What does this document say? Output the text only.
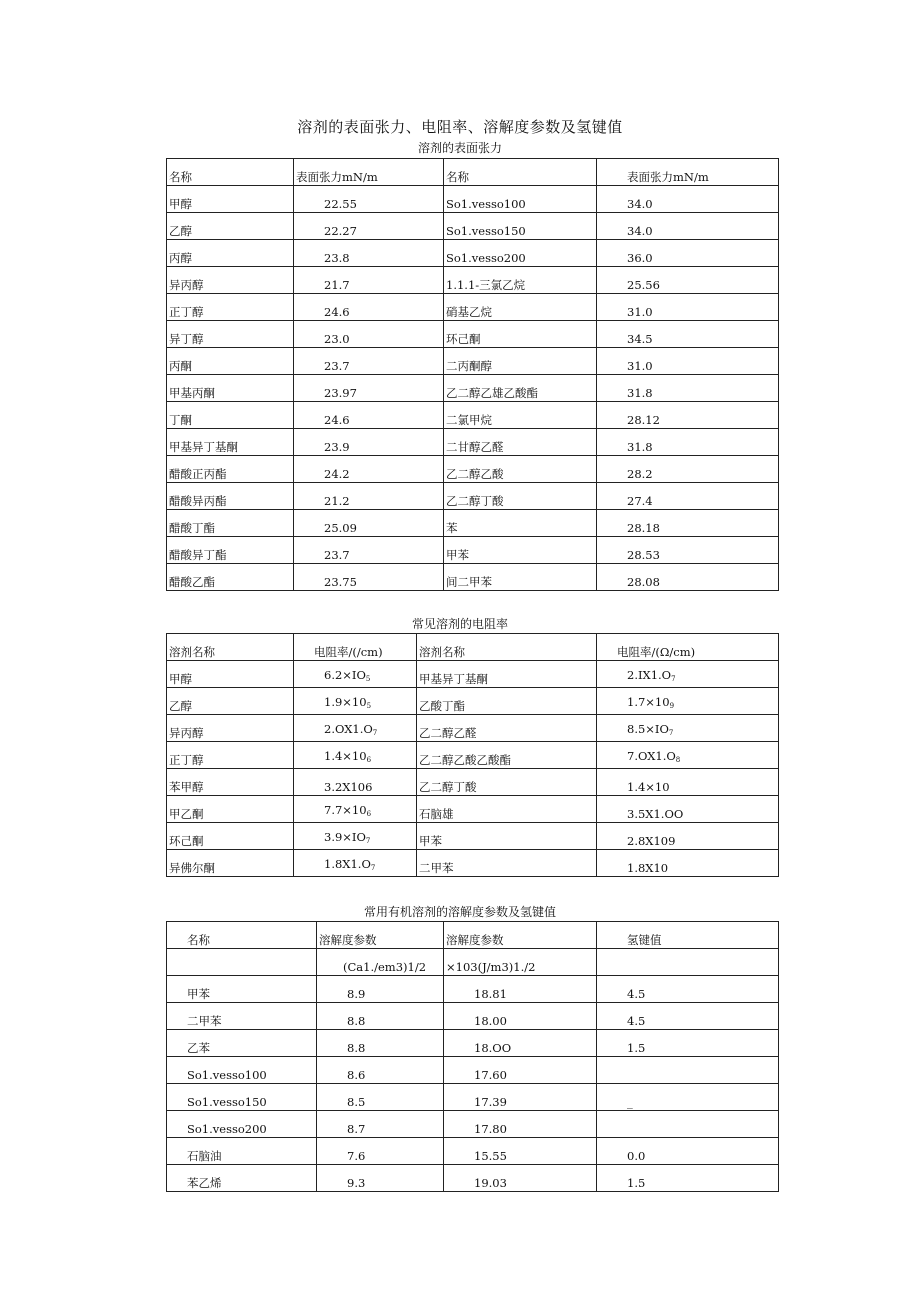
溶剂的表面张力、电阻率、溶解度参数及氢键值
溶剂的表面张力
名称	表面张力mN/m	名称	表面张力mN/m
甲醇	22.55	So1.vesso100	34.0
乙醇	22.27	So1.vesso150	34.0
丙醇	23.8	So1.vesso200	36.0
异丙醇	21.7	1.1.1-三氯乙烷	25.56
正丁醇	24.6	硝基乙烷	31.0
异丁醇	23.0	环己酮	34.5
丙酮	23.7	二丙酮醇	31.0
甲基丙酮	23.97	乙二醇乙雄乙酸酯	31.8
丁酮	24.6	二氯甲烷	28.12
甲基异丁基酮	23.9	二甘醇乙醛	31.8
醋酸正丙酯	24.2	乙二醇乙酸	28.2
醋酸异丙酯	21.2	乙二醇丁酸	27.4
醋酸丁酯	25.09	苯	28.18
醋酸异丁酯	23.7	甲苯	28.53
醋酸乙酯	23.75	间二甲苯	28.08
常见溶剂的电阻率
溶剂名称	电阻率/(/cm)	溶剂名称	电阻率/(Ω/cm)
甲醇	$6.2\times IO_5$	甲基异丁基酮	$2.IX1.O_7$
乙醇	$1.9\times 10_5$	乙酸丁酯	$1.7\times 10_9$
异丙醇	$2.OX1.O_7$	乙二醇乙醛	$8.5\times IO_7$
正丁醇	$1.4\times 10_6$	乙二醇乙酸乙酸酯	$7.OX1.O_8$
苯甲醇	3.2X106	乙二醇丁酸	1.4×10
甲乙酮	$7.7\times 10_6$	石脑雄	3.5X1.OO
环己酮	$3.9\times IO_7$	甲苯	2.8X109
异佛尔酮	$1.8X1.O_7$	二甲苯	1.8X10
常用有机溶剂的溶解度参数及氢键值
名称	溶解度参数	溶解度参数	氢键值
	(Ca1./em3)1/2	×103(J/m3)1./2	
甲苯	8.9	18.81	4.5
二甲苯	8.8	18.00	4.5
乙苯	8.8	18.OO	1.5
So1.vesso100	8.6	17.60	
So1.vesso150	8.5	17.39	_
So1.vesso200	8.7	17.80	
石脑油	7.6	15.55	0.0
苯乙烯	9.3	19.03	1.5
